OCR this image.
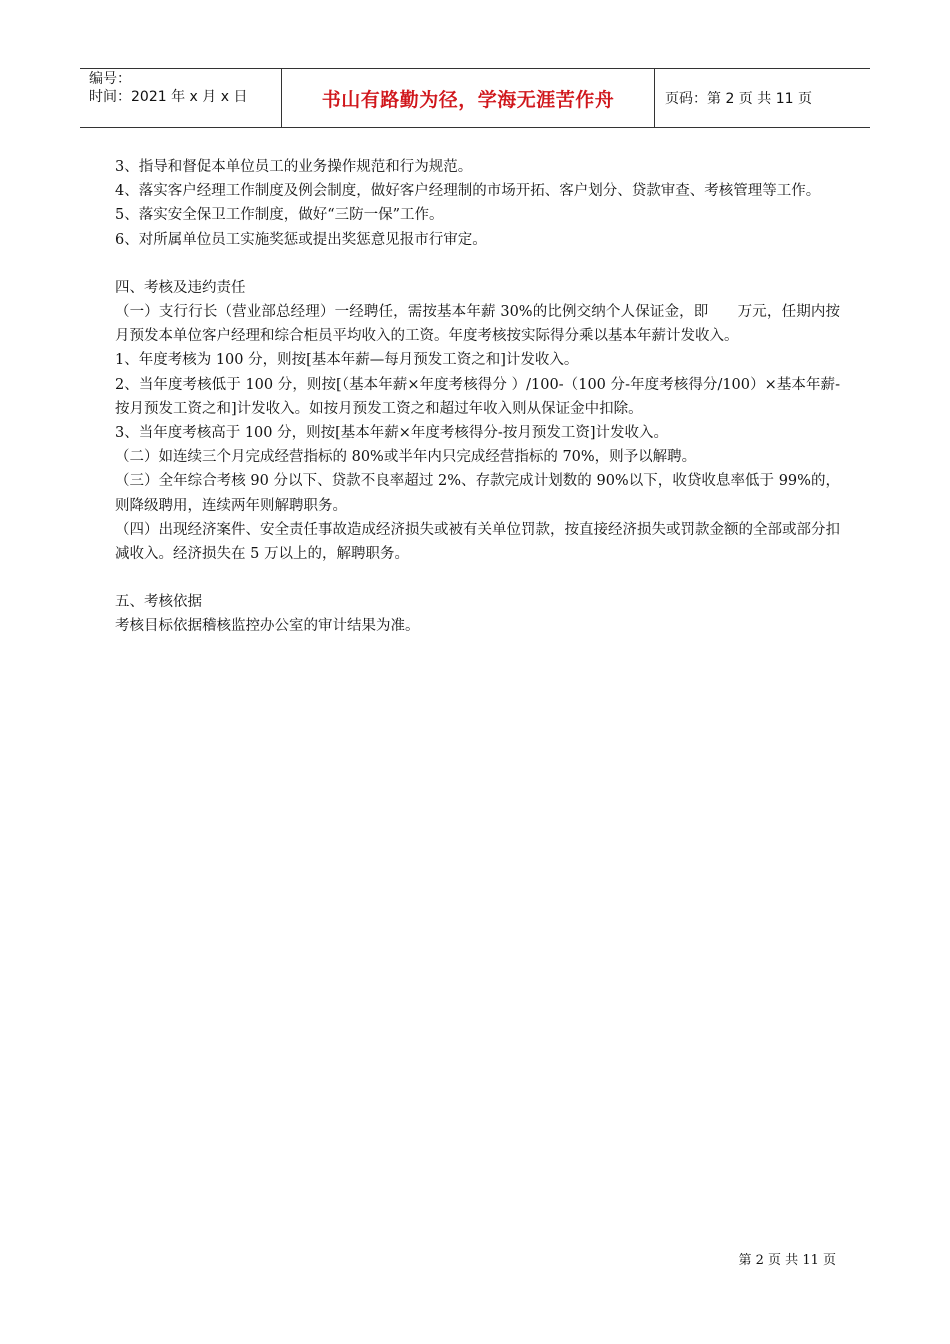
编号：
时间：2021 年 x 月 x 日	书山有路勤为径，学海无涯苦作舟	页码：第 2 页 共 11 页

3、指导和督促本单位员工的业务操作规范和行为规范。

4、落实客户经理工作制度及例会制度，做好客户经理制的市场开拓、客户划分、贷款审查、考核管理等工作。

5、落实安全保卫工作制度，做好“三防一保”工作。

6、对所属单位员工实施奖惩或提出奖惩意见报市行审定。

四、考核及违约责任

（一）支行行长（营业部总经理）一经聘任，需按基本年薪 30%的比例交纳个人保证金，即　　万元，任期内按月预发本单位客户经理和综合柜员平均收入的工资。年度考核按实际得分乘以基本年薪计发收入。

1、年度考核为 100 分，则按[基本年薪—每月预发工资之和]计发收入。

2、当年度考核低于 100 分，则按[（基本年薪×年度考核得分 ）/100-（100 分-年度考核得分/100）×基本年薪-按月预发工资之和]计发收入。如按月预发工资之和超过年收入则从保证金中扣除。

3、当年度考核高于 100 分，则按[基本年薪×年度考核得分-按月预发工资]计发收入。

（二）如连续三个月完成经营指标的 80%或半年内只完成经营指标的 70%，则予以解聘。

（三）全年综合考核 90 分以下、贷款不良率超过 2%、存款完成计划数的 90%以下，收贷收息率低于 99%的，则降级聘用，连续两年则解聘职务。

（四）出现经济案件、安全责任事故造成经济损失或被有关单位罚款，按直接经济损失或罚款金额的全部或部分扣减收入。经济损失在 5 万以上的，解聘职务。

五、考核依据

考核目标依据稽核监控办公室的审计结果为准。

第 2 页 共 11 页
